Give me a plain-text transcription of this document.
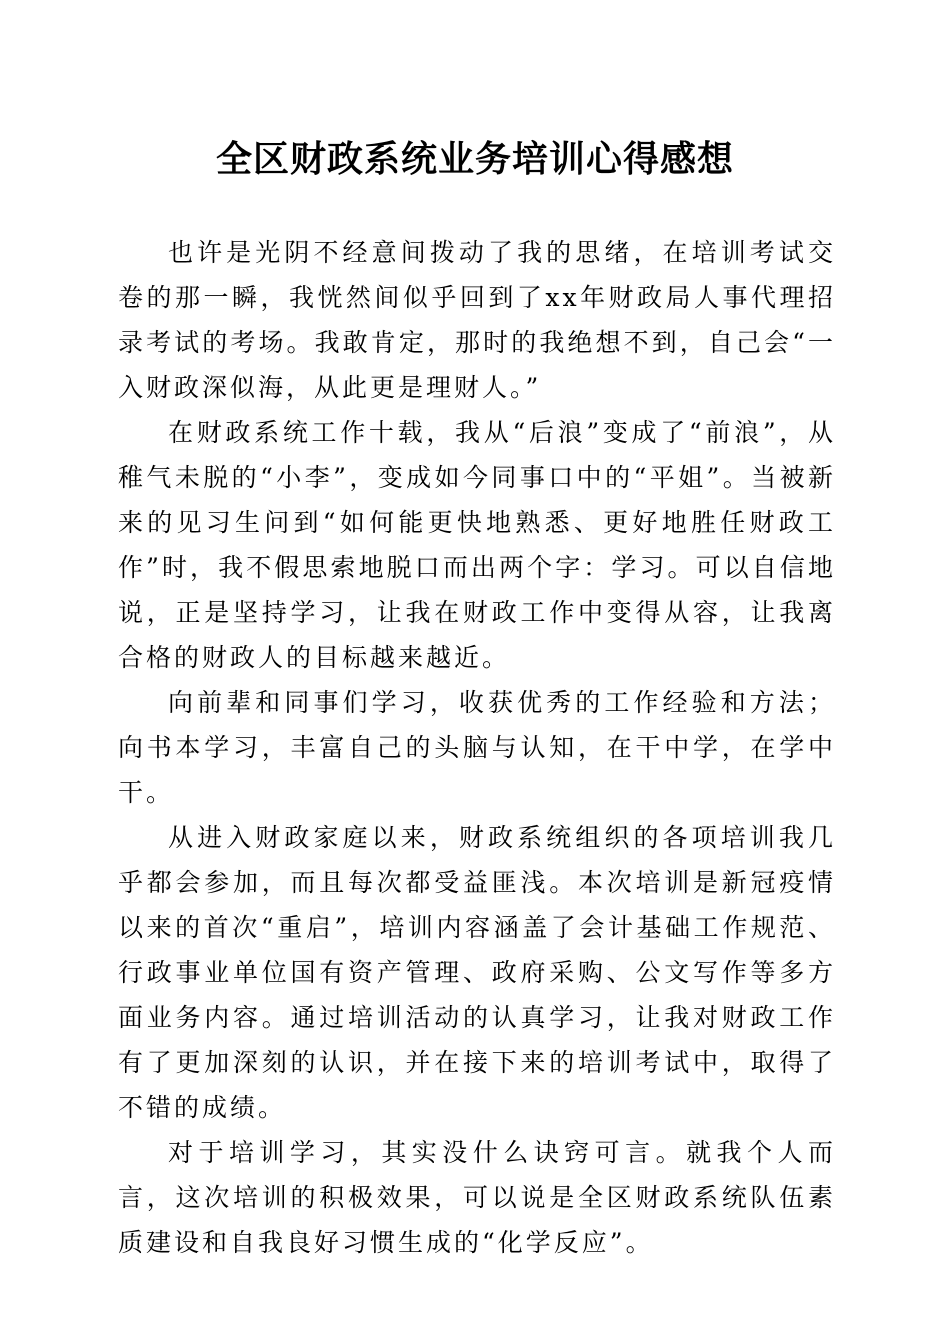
全区财政系统业务培训心得感想

也许是光阴不经意间拨动了我的思绪，在培训考试交卷的那一瞬，我恍然间似乎回到了xx年财政局人事代理招录考试的考场。我敢肯定，那时的我绝想不到，自己会“一入财政深似海，从此更是理财人。”

在财政系统工作十载，我从“后浪”变成了“前浪”，从稚气未脱的“小李”，变成如今同事口中的“平姐”。当被新来的见习生问到“如何能更快地熟悉、更好地胜任财政工作”时，我不假思索地脱口而出两个字：学习。可以自信地说，正是坚持学习，让我在财政工作中变得从容，让我离合格的财政人的目标越来越近。

向前辈和同事们学习，收获优秀的工作经验和方法；向书本学习，丰富自己的头脑与认知，在干中学，在学中干。

从进入财政家庭以来，财政系统组织的各项培训我几乎都会参加，而且每次都受益匪浅。本次培训是新冠疫情以来的首次“重启”，培训内容涵盖了会计基础工作规范、行政事业单位国有资产管理、政府采购、公文写作等多方面业务内容。通过培训活动的认真学习，让我对财政工作有了更加深刻的认识，并在接下来的培训考试中，取得了不错的成绩。

对于培训学习，其实没什么诀窍可言。就我个人而言，这次培训的积极效果，可以说是全区财政系统队伍素质建设和自我良好习惯生成的“化学反应”。
